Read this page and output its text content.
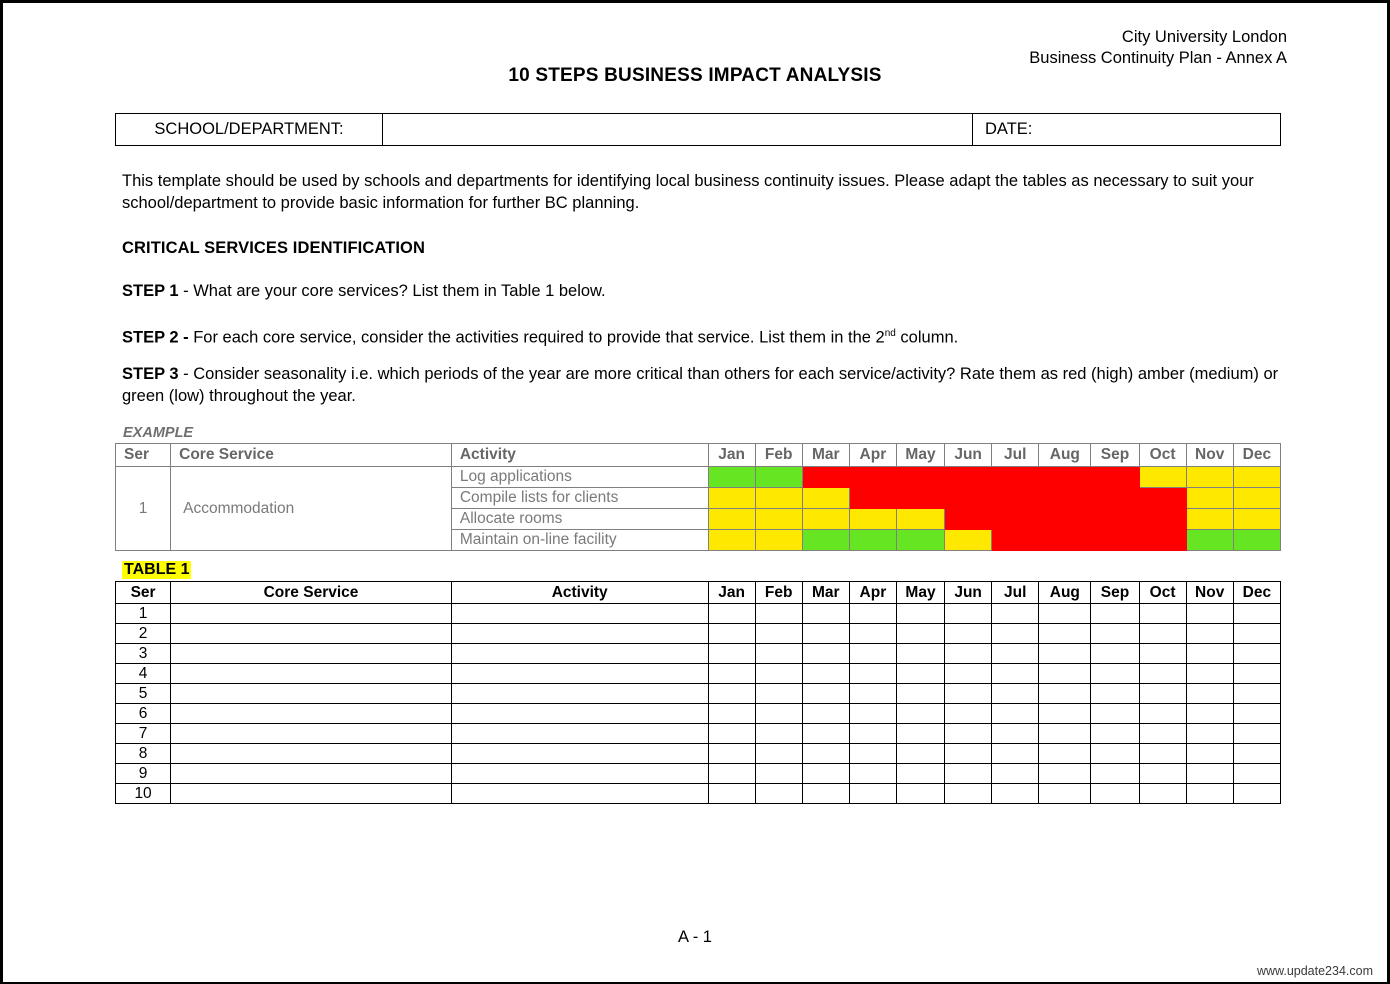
City University London
Business Continuity Plan - Annex A
10 STEPS BUSINESS IMPACT ANALYSIS
SCHOOL/DEPARTMENT:	DATE:
This template should be used by schools and departments for identifying local business continuity issues. Please adapt the tables as necessary to suit your school/department to provide basic information for further BC planning.
CRITICAL SERVICES IDENTIFICATION
STEP 1 - What are your core services? List them in Table 1 below.
STEP 2 - For each core service, consider the activities required to provide that service. List them in the 2nd column.
STEP 3 - Consider seasonality i.e. which periods of the year are more critical than others for each service/activity? Rate them as red (high) amber (medium) or green (low) throughout the year.
EXAMPLE
Ser	Core Service	Activity	Jan	Feb	Mar	Apr	May	Jun	Jul	Aug	Sep	Oct	Nov	Dec
1	Accommodation	Log applications												
		Compile lists for clients												
		Allocate rooms												
		Maintain on-line facility												
TABLE 1
Ser	Core Service	Activity	Jan	Feb	Mar	Apr	May	Jun	Jul	Aug	Sep	Oct	Nov	Dec
1														
2														
3														
4														
5														
6														
7														
8														
9														
10														
A - 1
www.update234.com
